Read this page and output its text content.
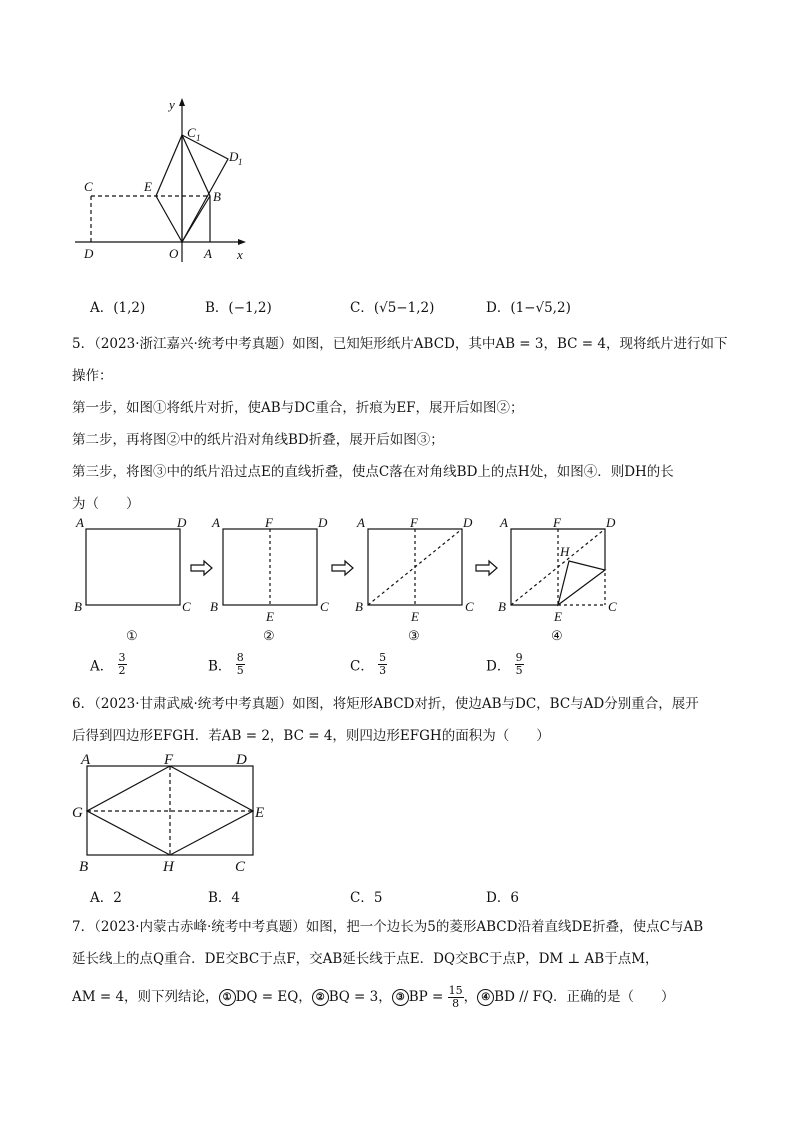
y
x
C 1
D 1
C	E
B
D	O A
A．(1,2)	B．(−1,2)	C．(√5−1,2)	D．(1−√5,2)
5．（2023·浙江嘉兴·统考中考真题）如图，已知矩形纸片ABCD，其中AB = 3，BC = 4，现将纸片进行如下
操作：
第一步，如图①将纸片对折，使AB与DC重合，折痕为EF，展开后如图②；
第二步，再将图②中的纸片沿对角线BD折叠，展开后如图③；
第三步，将图③中的纸片沿过点E的直线折叠，使点C落在对角线BD上的点H处，如图④．则DH的长
为（　　）
A	D
B	C
A	F	D
B
E
C
A	F	D
B
E
C
A	F	D
B
E
C
H
①	②	③	④
A． $\frac{3}{2}$	B． $\frac{8}{5}$	C． $\frac{5}{3}$	D． $\frac{9}{5}$
6．（2023·甘肃武威·统考中考真题）如图，将矩形ABCD对折，使边AB与DC，BC与AD分别重合，展开
后得到四边形EFGH．若AB = 2，BC = 4，则四边形EFGH的面积为（　　）
A	F	D
G	E
B	H	C
A．2	B．4	C．5	D．6
7．（2023·内蒙古赤峰·统考中考真题）如图，把一个边长为5的菱形ABCD沿着直线DE折叠，使点C与AB
延长线上的点Q重合．DE交BC于点F，交AB延长线于点E．DQ交BC于点P，DM ⊥ AB于点M，
AM = 4，则下列结论， ① DQ = EQ， ② BQ = 3， ③ BP = $\frac{15}{8}$ ， ④ BD // FQ．正确的是（　　）
